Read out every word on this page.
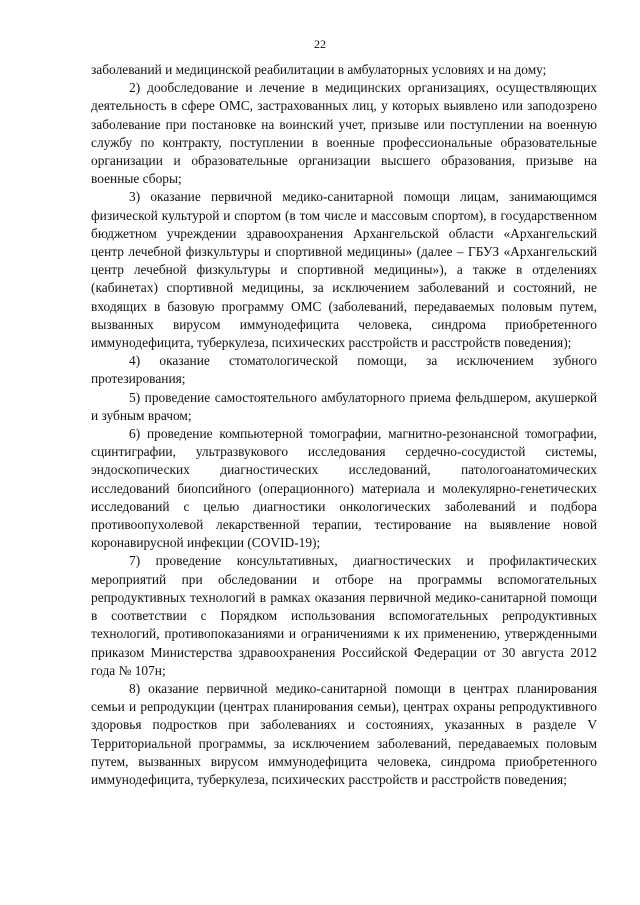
22

заболеваний и медицинской реабилитации в амбулаторных условиях и на дому;

2) дообследование и лечение в медицинских организациях, осуществляющих деятельность в сфере ОМС, застрахованных лиц, у которых выявлено или заподозрено заболевание при постановке на воинский учет, призыве или поступлении на военную службу по контракту, поступлении в военные профессиональные образовательные организации и образовательные организации высшего образования, призыве на военные сборы;

3) оказание первичной медико-санитарной помощи лицам, занимающимся физической культурой и спортом (в том числе и массовым спортом), в государственном бюджетном учреждении здравоохранения Архангельской области «Архангельский центр лечебной физкультуры и спортивной медицины» (далее – ГБУЗ «Архангельский центр лечебной физкультуры и спортивной медицины»), а также в отделениях (кабинетах) спортивной медицины, за исключением заболеваний и состояний, не входящих в базовую программу ОМС (заболеваний, передаваемых половым путем, вызванных вирусом иммунодефицита человека, синдрома приобретенного иммунодефицита, туберкулеза, психических расстройств и расстройств поведения);

4) оказание стоматологической помощи, за исключением зубного протезирования;

5) проведение самостоятельного амбулаторного приема фельдшером, акушеркой и зубным врачом;

6) проведение компьютерной томографии, магнитно-резонансной томографии, сцинтиграфии, ультразвукового исследования сердечно-сосудистой системы, эндоскопических диагностических исследований, патологоанатомических исследований биопсийного (операционного) материала и молекулярно-генетических исследований с целью диагностики онкологических заболеваний и подбора противоопухолевой лекарственной терапии, тестирование на выявление новой коронавирусной инфекции (COVID-19);

7) проведение консультативных, диагностических и профилактических мероприятий при обследовании и отборе на программы вспомогательных репродуктивных технологий в рамках оказания первичной медико-санитарной помощи в соответствии с Порядком использования вспомогательных репродуктивных технологий, противопоказаниями и ограничениями к их применению, утвержденными приказом Министерства здравоохранения Российской Федерации от 30 августа 2012 года № 107н;

8) оказание первичной медико-санитарной помощи в центрах планирования семьи и репродукции (центрах планирования семьи), центрах охраны репродуктивного здоровья подростков при заболеваниях и состояниях, указанных в разделе V Территориальной программы, за исключением заболеваний, передаваемых половым путем, вызванных вирусом иммунодефицита человека, синдрома приобретенного иммунодефицита, туберкулеза, психических расстройств и расстройств поведения;
